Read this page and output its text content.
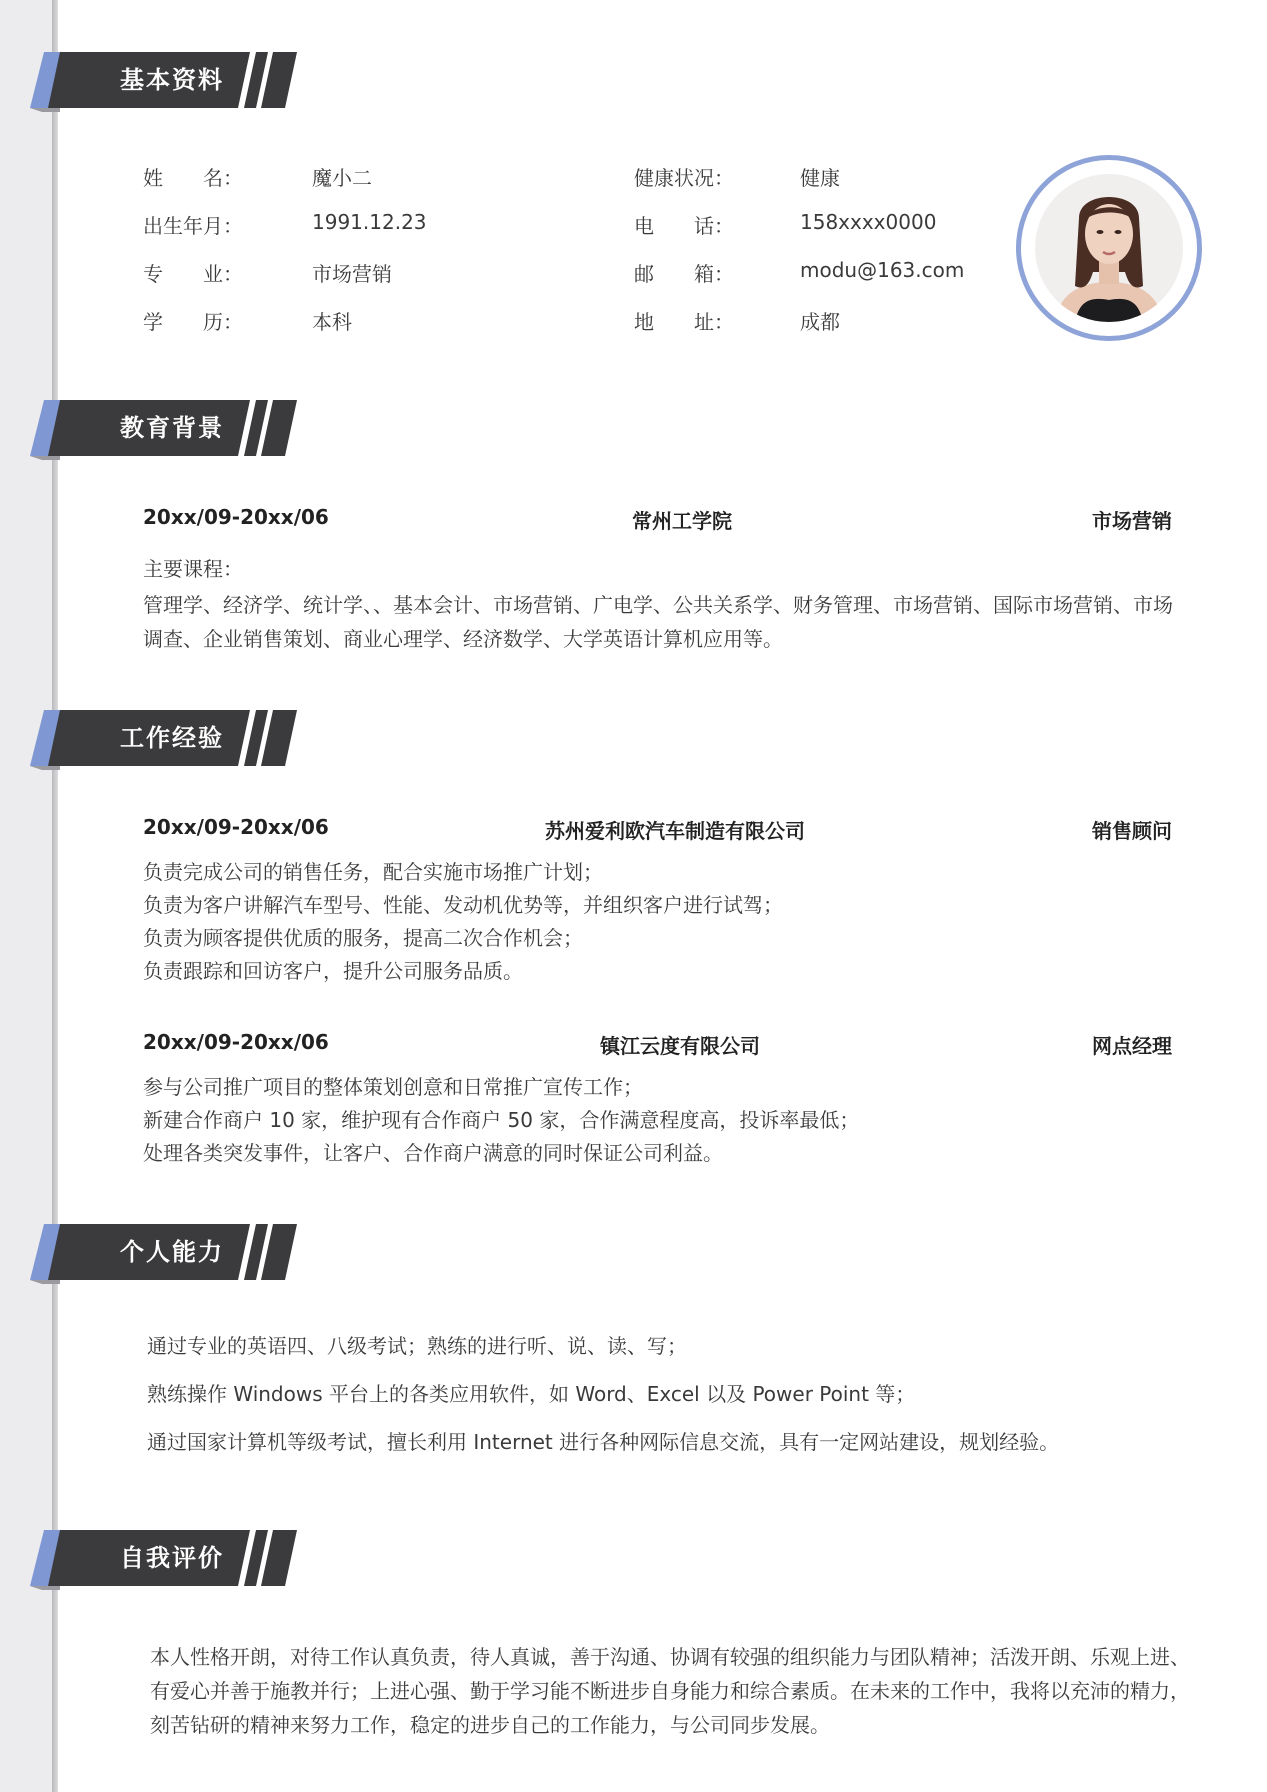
基本资料
姓　　名：	魔小二
出生年月：	1991.12.23
专　　业：	市场营销
学　　历：	本科
健康状况：	健康
电　　话：	158xxxx0000
邮　　箱：	modu@163.com
地　　址：	成都
教育背景
20xx/09-20xx/06	常州工学院	市场营销
主要课程：
管理学、经济学、统计学、、基本会计、市场营销、广电学、公共关系学、财务管理、市场营销、国际市场营销、市场调查、企业销售策划、商业心理学、经济数学、大学英语计算机应用等。
工作经验
20xx/09-20xx/06	苏州爱利欧汽车制造有限公司	销售顾问
负责完成公司的销售任务，配合实施市场推广计划；
负责为客户讲解汽车型号、性能、发动机优势等，并组织客户进行试驾；
负责为顾客提供优质的服务，提高二次合作机会；
负责跟踪和回访客户，提升公司服务品质。
20xx/09-20xx/06	镇江云度有限公司	网点经理
参与公司推广项目的整体策划创意和日常推广宣传工作；
新建合作商户 10 家，维护现有合作商户 50 家，合作满意程度高，投诉率最低；
处理各类突发事件，让客户、合作商户满意的同时保证公司利益。
个人能力
通过专业的英语四、八级考试；熟练的进行听、说、读、写；
熟练操作 Windows 平台上的各类应用软件，如 Word、Excel 以及 Power Point 等；
通过国家计算机等级考试，擅长利用 Internet 进行各种网际信息交流，具有一定网站建设，规划经验。
自我评价
本人性格开朗，对待工作认真负责，待人真诚，善于沟通、协调有较强的组织能力与团队精神；活泼开朗、乐观上进、有爱心并善于施教并行；上进心强、勤于学习能不断进步自身能力和综合素质。在未来的工作中，我将以充沛的精力，刻苦钻研的精神来努力工作，稳定的进步自己的工作能力，与公司同步发展。
